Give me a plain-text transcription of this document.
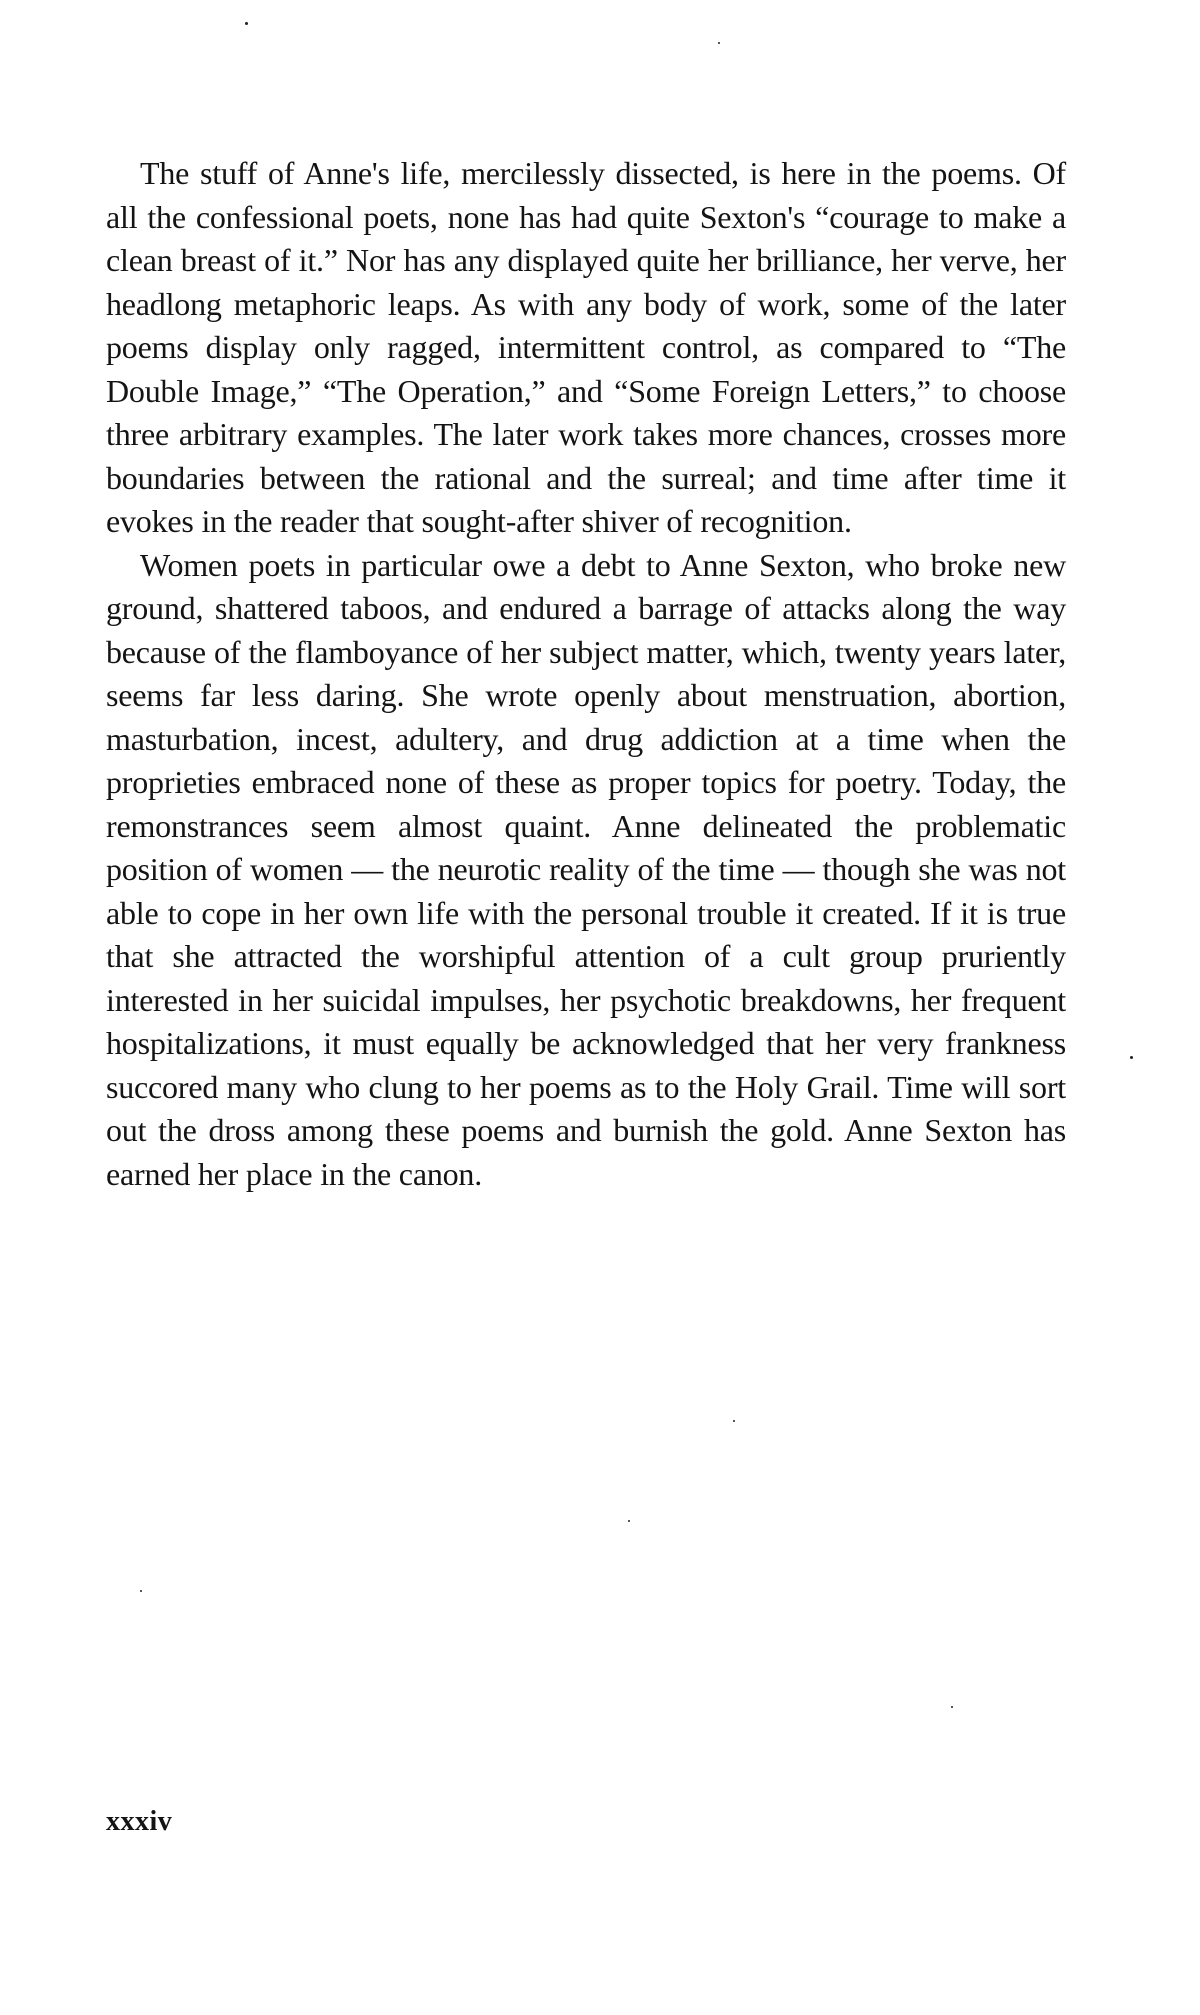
The stuff of Anne's life, mercilessly dissected, is here in the poems. Of all the confessional poets, none has had quite Sexton's “courage to make a clean breast of it.” Nor has any displayed quite her brilliance, her verve, her headlong metaphoric leaps. As with any body of work, some of the later poems display only ragged, intermittent control, as compared to “The Double Image,” “The Operation,” and “Some Foreign Letters,” to choose three arbitrary examples. The later work takes more chances, crosses more boundaries between the rational and the surreal; and time after time it evokes in the reader that sought-after shiver of recognition.

Women poets in particular owe a debt to Anne Sexton, who broke new ground, shattered taboos, and endured a barrage of attacks along the way because of the flamboyance of her subject matter, which, twenty years later, seems far less daring. She wrote openly about menstruation, abortion, masturbation, incest, adultery, and drug addiction at a time when the proprieties embraced none of these as proper topics for poetry. Today, the remonstrances seem almost quaint. Anne delineated the problematic position of women — the neurotic reality of the time — though she was not able to cope in her own life with the personal trouble it created. If it is true that she attracted the worshipful attention of a cult group pruriently interested in her suicidal impulses, her psychotic breakdowns, her frequent hospitalizations, it must equally be acknowledged that her very frankness succored many who clung to her poems as to the Holy Grail. Time will sort out the dross among these poems and burnish the gold. Anne Sexton has earned her place in the canon.

xxxiv
